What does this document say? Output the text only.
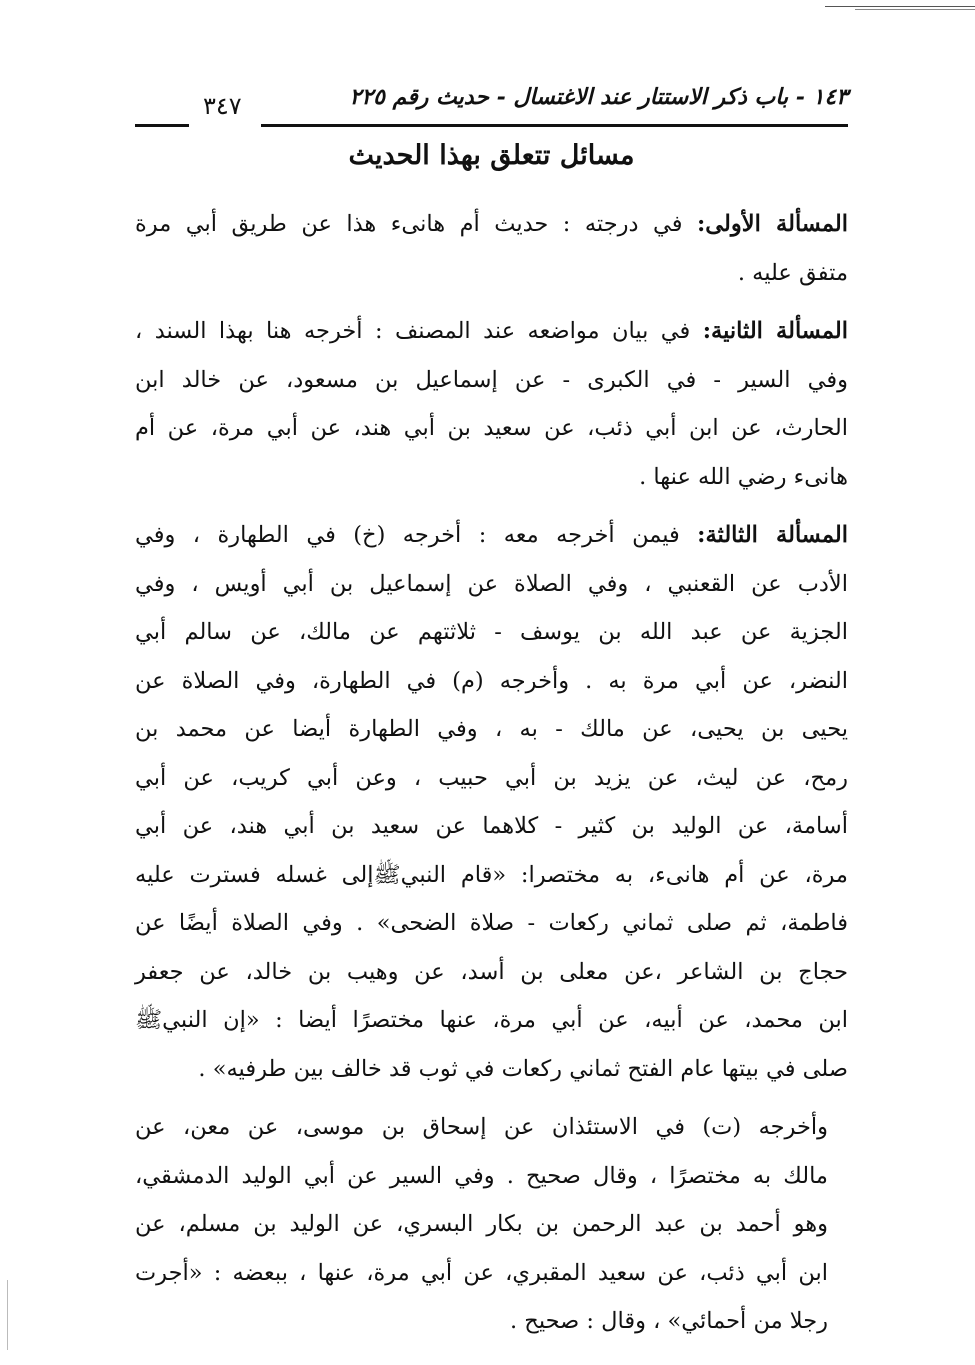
١٤٣ - باب ذكر الاستتار عند الاغتسال - حديث رقم ٢٢٥
٣٤٧
مسائل تتعلق بهذا الحديث
المسألة الأولى: في درجته : حديث أم هانىء هذا عن طريق أبي مرة
متفق عليه .
المسألة الثانية: في بيان مواضعه عند المصنف : أخرجه هنا بهذا السند ،
وفي السير - في الكبرى - عن إسماعيل بن مسعود، عن خالد ابن
الحارث، عن ابن أبي ذئب، عن سعيد بن أبي هند، عن أبي مرة، عن أم
هانىء رضي الله عنها .
المسألة الثالثة: فيمن أخرجه معه : أخرجه (خ) في الطهارة ، وفي
الأدب عن القعنبي ، وفي الصلاة عن إسماعيل بن أبي أويس ، وفي
الجزية عن عبد الله بن يوسف - ثلاثتهم عن مالك، عن سالم أبي
النضر، عن أبي مرة به . وأخرجه (م) في الطهارة، وفي الصلاة عن
يحيى بن يحيى، عن مالك - به ، وفي الطهارة أيضا عن محمد بن
رمح، عن ليث، عن يزيد بن أبي حبيب ، وعن أبي كريب، عن أبي
أسامة، عن الوليد بن كثير - كلاهما عن سعيد بن أبي هند، عن أبي
مرة، عن أم هانىء، به مختصرا: «قام النبيﷺإلى غسله فسترت عليه
فاطمة، ثم صلى ثماني ركعات - صلاة الضحى» . وفي الصلاة أيضًا عن
حجاج بن الشاعر ،عن معلى بن أسد، عن وهيب بن خالد، عن جعفر
ابن محمد، عن أبيه، عن أبي مرة، عنها مختصرًا أيضا : «إن النبيﷺ
صلى في بيتها عام الفتح ثماني ركعات في ثوب قد خالف بين طرفيه» .
وأخرجه (ت) في الاستئذان عن إسحاق بن موسى، عن معن، عن
مالك به مختصرًا ، وقال صحيح . وفي السير عن أبي الوليد الدمشقي،
وهو أحمد بن عبد الرحمن بن بكار البسري، عن الوليد بن مسلم، عن
ابن أبي ذئب، عن سعيد المقبري، عن أبي مرة، عنها ، ببعضه : «أجرت
رجلا من أحمائي» ، وقال : صحيح .
